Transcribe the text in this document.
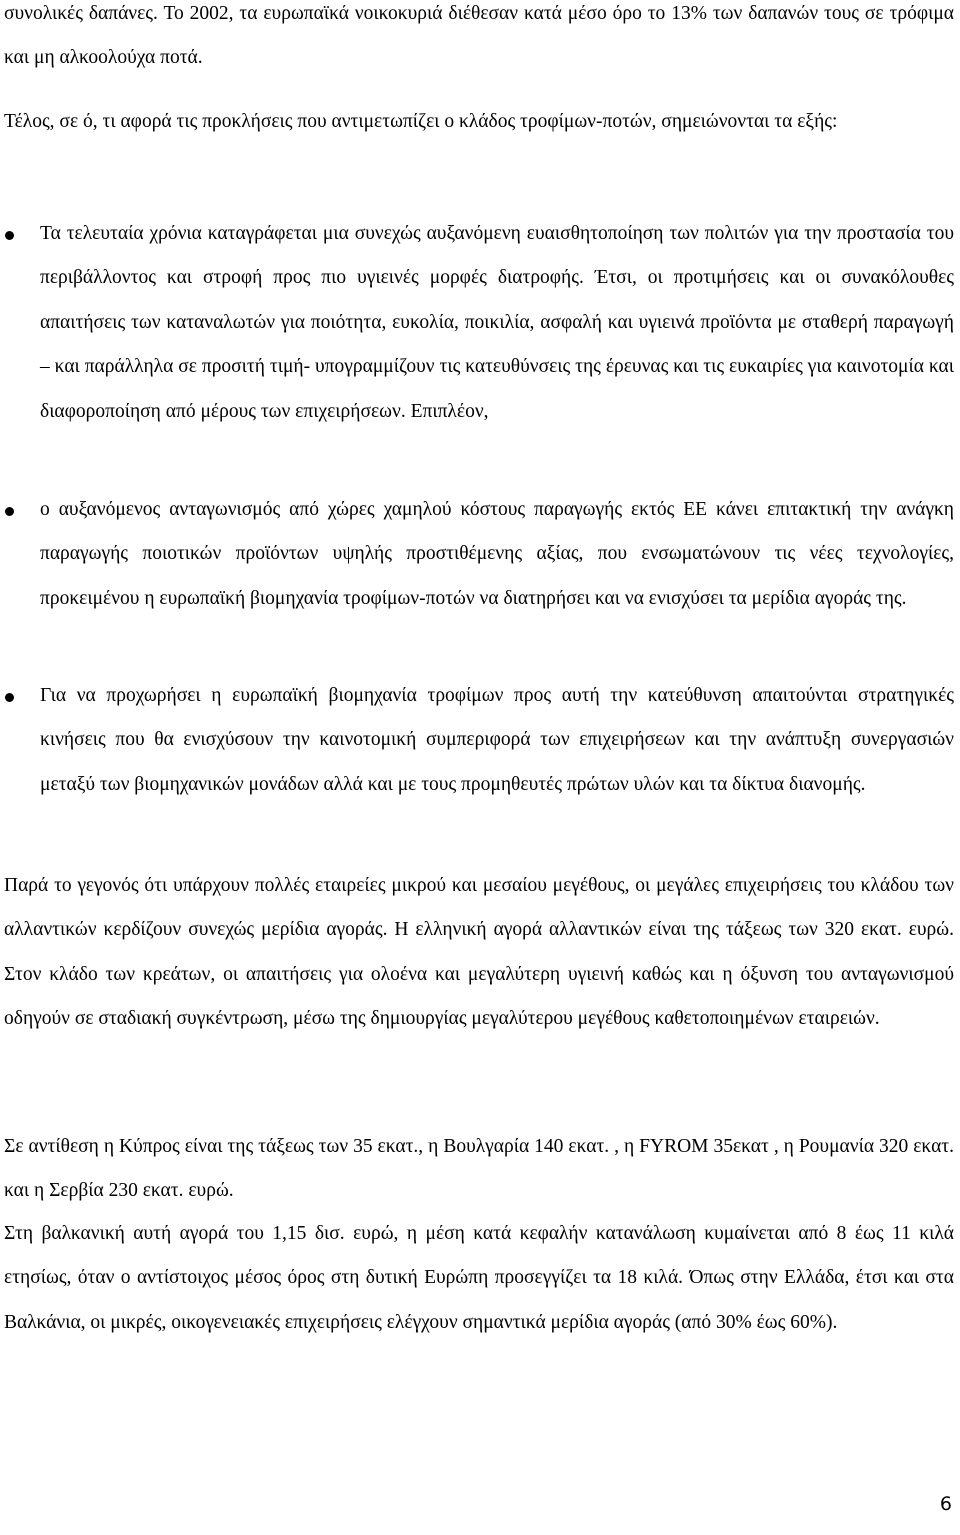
συνολικές δαπάνες. Το 2002, τα ευρωπαϊκά νοικοκυριά διέθεσαν κατά μέσο όρο το 13% των δαπανών τους σε τρόφιμα και μη αλκοολούχα ποτά.

Τέλος, σε ό, τι αφορά τις προκλήσεις που αντιμετωπίζει ο κλάδος τροφίμων-ποτών, σημειώνονται τα εξής:

Τα τελευταία χρόνια καταγράφεται μια συνεχώς αυξανόμενη ευαισθητοποίηση των πολιτών για την προστασία του περιβάλλοντος και στροφή προς πιο υγιεινές μορφές διατροφής. Έτσι, οι προτιμήσεις και οι συνακόλουθες απαιτήσεις των καταναλωτών για ποιότητα, ευκολία, ποικιλία, ασφαλή και υγιεινά προϊόντα με σταθερή παραγωγή – και παράλληλα σε προσιτή τιμή- υπογραμμίζουν τις κατευθύνσεις της έρευνας και τις ευκαιρίες για καινοτομία και διαφοροποίηση από μέρους των επιχειρήσεων. Επιπλέον,

ο αυξανόμενος ανταγωνισμός από χώρες χαμηλού κόστους παραγωγής εκτός ΕΕ κάνει επιτακτική την ανάγκη παραγωγής ποιοτικών προϊόντων υψηλής προστιθέμενης αξίας, που ενσωματώνουν τις νέες τεχνολογίες, προκειμένου η ευρωπαϊκή βιομηχανία τροφίμων-ποτών να διατηρήσει και να ενισχύσει τα μερίδια αγοράς της.

Για να προχωρήσει η ευρωπαϊκή βιομηχανία τροφίμων προς αυτή την κατεύθυνση απαιτούνται στρατηγικές κινήσεις που θα ενισχύσουν την καινοτομική συμπεριφορά των επιχειρήσεων και την ανάπτυξη συνεργασιών μεταξύ των βιομηχανικών μονάδων αλλά και με τους προμηθευτές πρώτων υλών και τα δίκτυα διανομής.

Παρά το γεγονός ότι υπάρχουν πολλές εταιρείες μικρού και μεσαίου μεγέθους, οι μεγάλες επιχειρήσεις του κλάδου των αλλαντικών κερδίζουν συνεχώς μερίδια αγοράς. Η ελληνική αγορά αλλαντικών είναι της τάξεως των 320 εκατ. ευρώ. Στον κλάδο των κρεάτων, οι απαιτήσεις για ολοένα και μεγαλύτερη υγιεινή καθώς και η όξυνση του ανταγωνισμού οδηγούν σε σταδιακή συγκέντρωση, μέσω της δημιουργίας μεγαλύτερου μεγέθους καθετοποιημένων εταιρειών.

Σε αντίθεση η Κύπρος είναι της τάξεως των 35 εκατ., η Βουλγαρία 140 εκατ. , η FYROM 35εκατ , η Ρουμανία 320 εκατ. και η Σερβία 230 εκατ. ευρώ.

Στη βαλκανική αυτή αγορά του 1,15 δισ. ευρώ, η μέση κατά κεφαλήν κατανάλωση κυμαίνεται από 8 έως 11 κιλά ετησίως, όταν ο αντίστοιχος μέσος όρος στη δυτική Ευρώπη προσεγγίζει τα 18 κιλά. Όπως στην Ελλάδα, έτσι και στα Βαλκάνια, οι μικρές, οικογενειακές επιχειρήσεις ελέγχουν σημαντικά μερίδια αγοράς (από 30% έως 60%).

6
